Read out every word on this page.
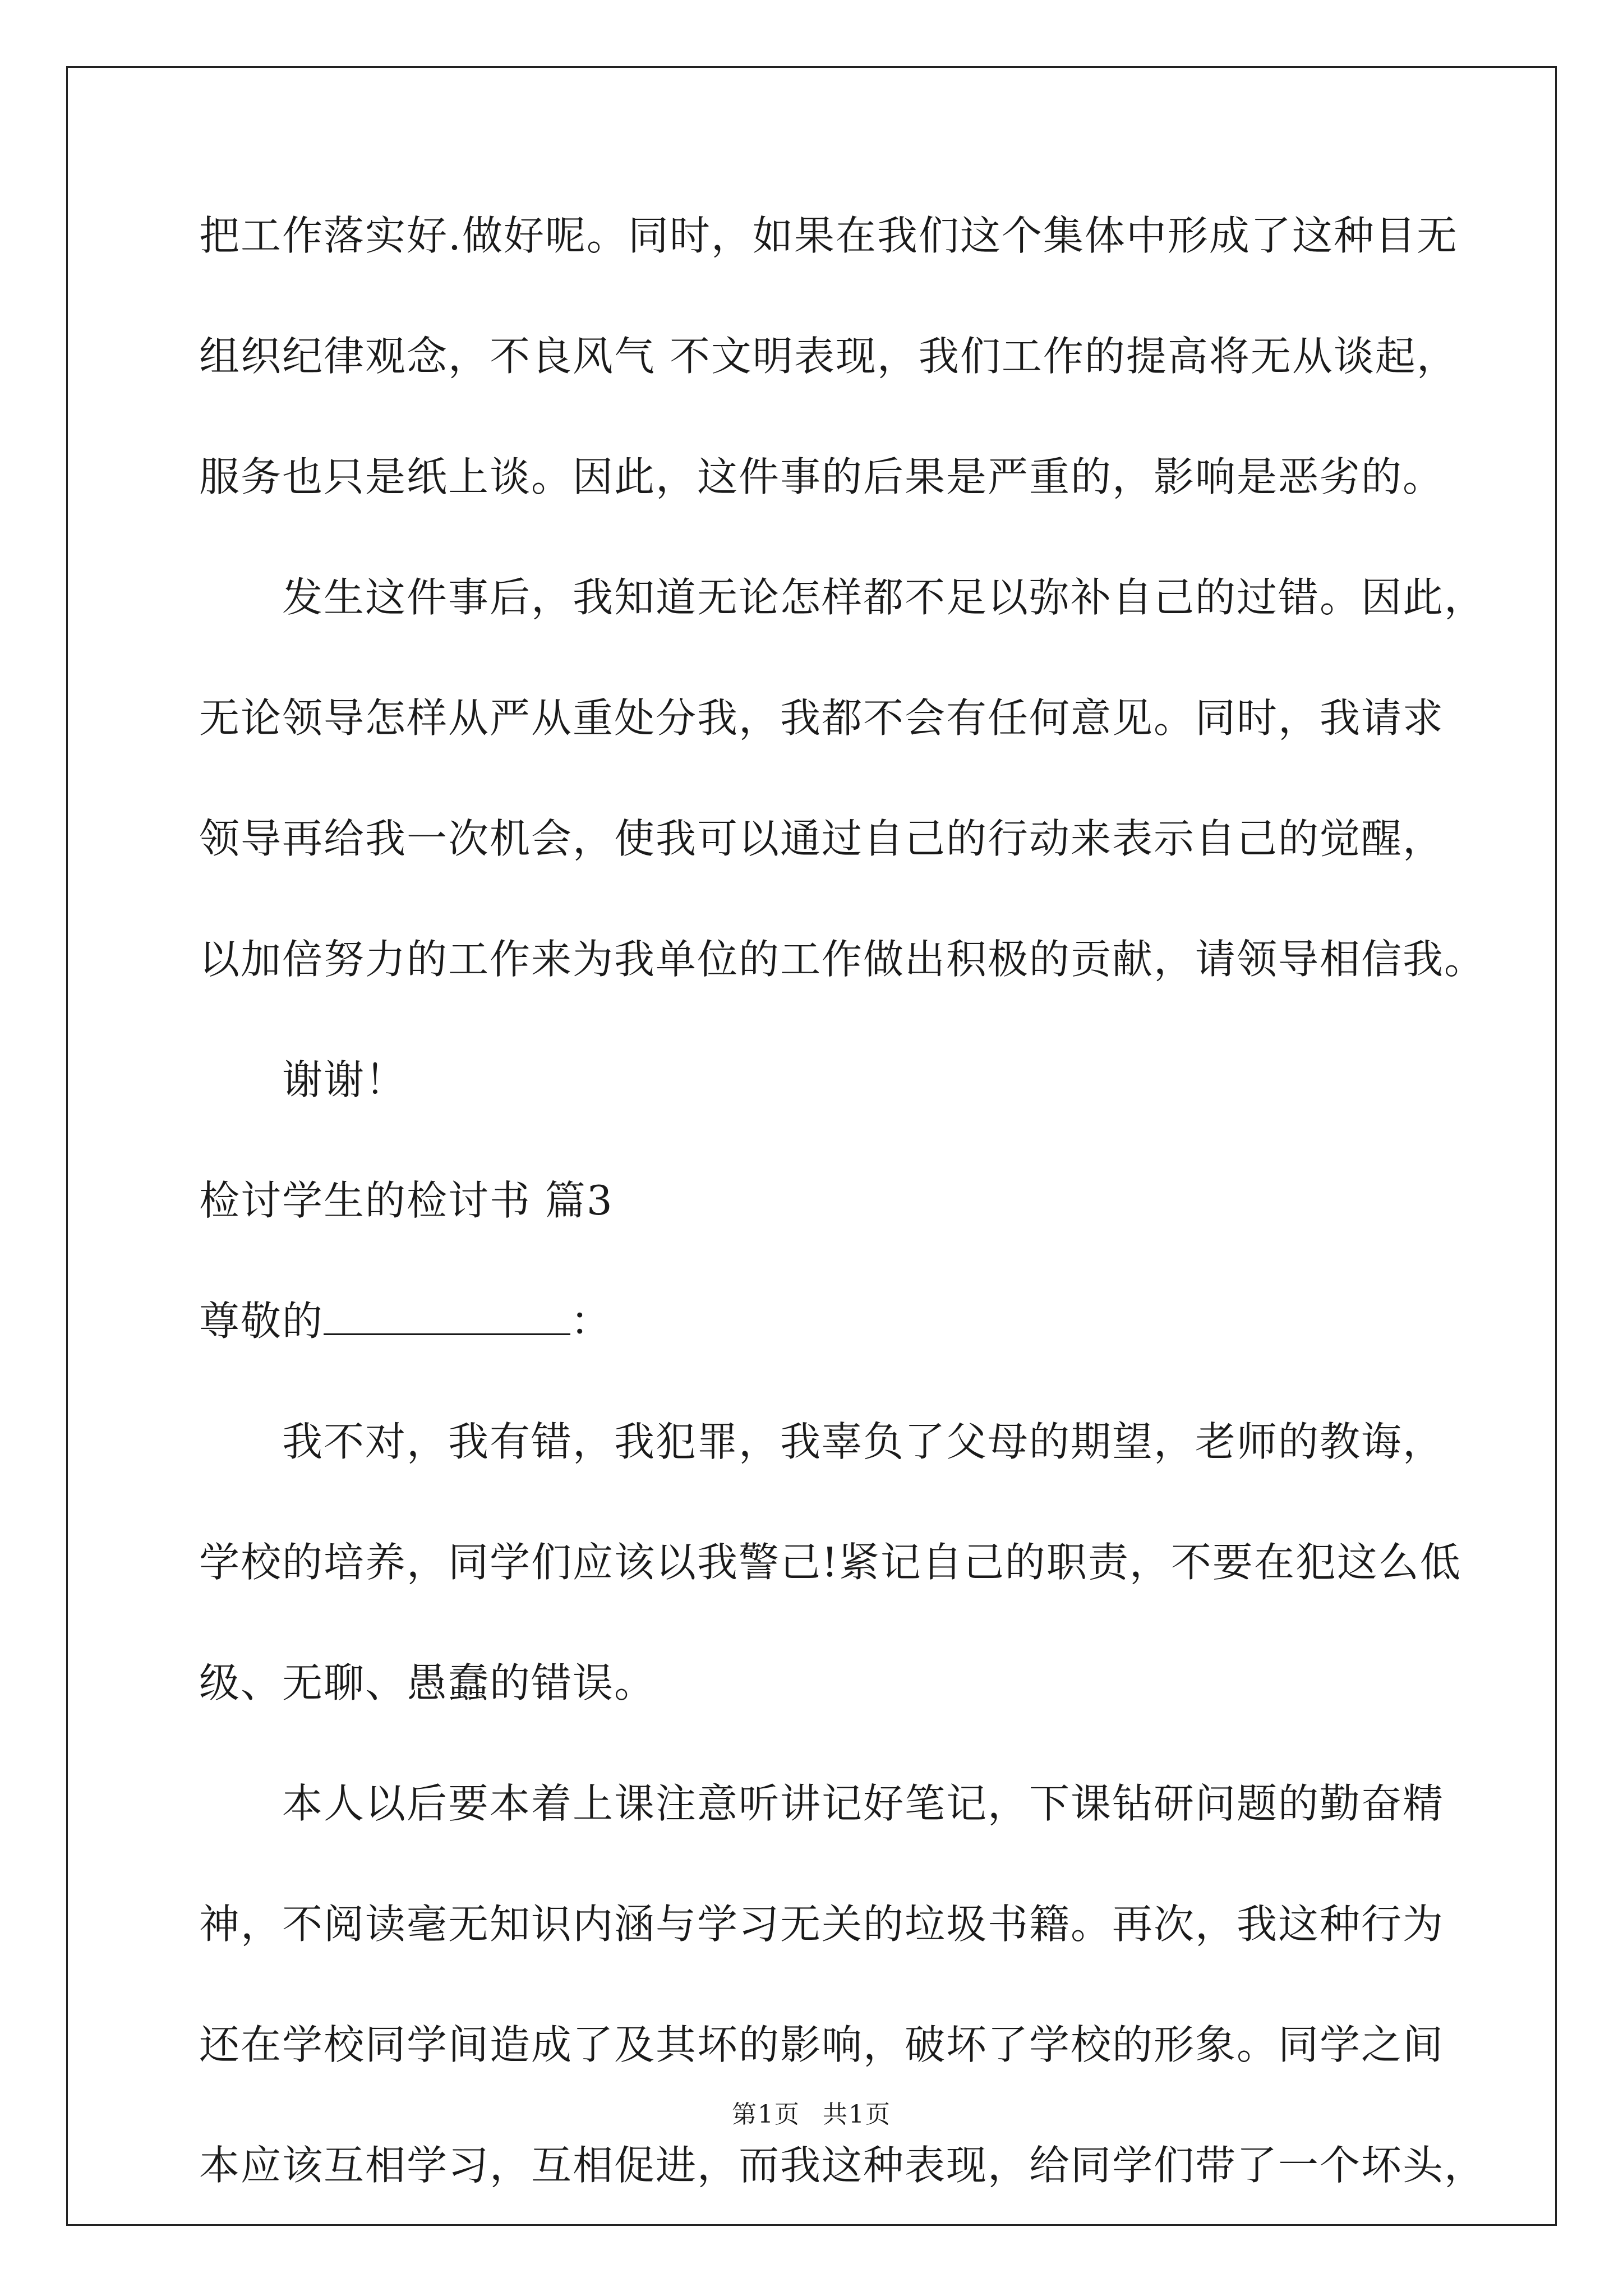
把工作落实好.做好呢。同时，如果在我们这个集体中形成了这种目无
组织纪律观念，不良风气 不文明表现，我们工作的提高将无从谈起，
服务也只是纸上谈。因此，这件事的后果是严重的，影响是恶劣的。
发生这件事后，我知道无论怎样都不足以弥补自己的过错。因此，
无论领导怎样从严从重处分我，我都不会有任何意见。同时，我请求
领导再给我一次机会，使我可以通过自己的行动来表示自己的觉醒，
以加倍努力的工作来为我单位的工作做出积极的贡献，请领导相信我。
谢谢！
检讨学生的检讨书 篇3
尊敬的	：
我不对，我有错，我犯罪，我辜负了父母的期望，老师的教诲，
学校的培养，同学们应该以我警己!紧记自己的职责，不要在犯这么低
级、无聊、愚蠢的错误。
本人以后要本着上课注意听讲记好笔记，下课钻研问题的勤奋精
神，不阅读毫无知识内涵与学习无关的垃圾书籍。再次，我这种行为
还在学校同学间造成了及其坏的影响，破坏了学校的形象。同学之间
本应该互相学习，互相促进，而我这种表现，给同学们带了一个坏头，
第1页 共1页
